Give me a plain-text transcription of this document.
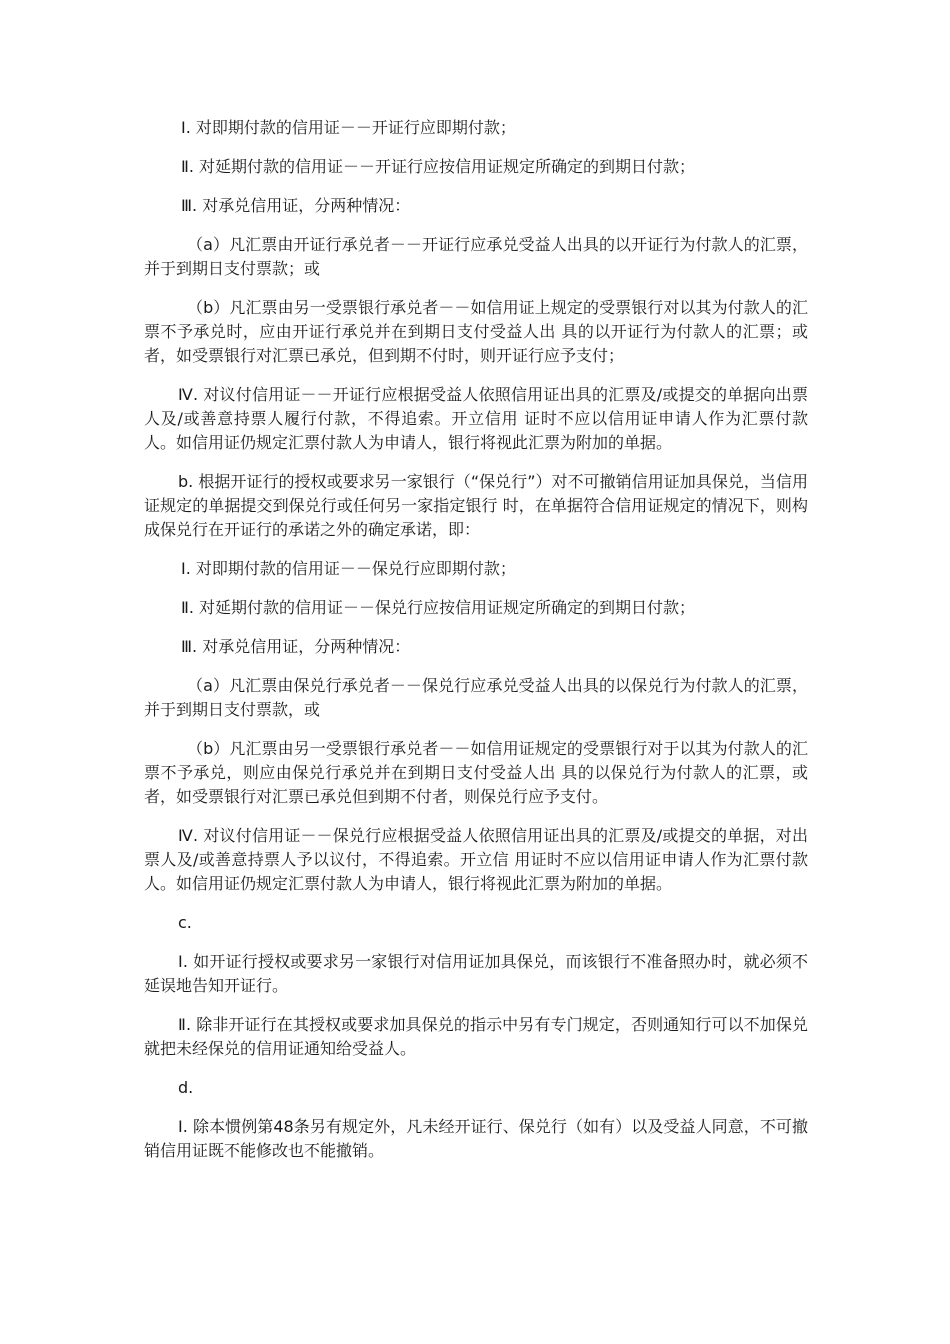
Ⅰ. 对即期付款的信用证－－开证行应即期付款；

Ⅱ. 对延期付款的信用证－－开证行应按信用证规定所确定的到期日付款；

Ⅲ. 对承兑信用证，分两种情况：

（a）凡汇票由开证行承兑者－－开证行应承兑受益人出具的以开证行为付款人的汇票，并于到期日支付票款；或

（b）凡汇票由另一受票银行承兑者－－如信用证上规定的受票银行对以其为付款人的汇票不予承兑时，应由开证行承兑并在到期日支付受益人出 具的以开证行为付款人的汇票；或者，如受票银行对汇票已承兑，但到期不付时，则开证行应予支付；

Ⅳ. 对议付信用证－－开证行应根据受益人依照信用证出具的汇票及/或提交的单据向出票人及/或善意持票人履行付款，不得追索。开立信用 证时不应以信用证申请人作为汇票付款人。如信用证仍规定汇票付款人为申请人，银行将视此汇票为附加的单据。

b. 根据开证行的授权或要求另一家银行（“保兑行”）对不可撤销信用证加具保兑，当信用证规定的单据提交到保兑行或任何另一家指定银行 时，在单据符合信用证规定的情况下，则构成保兑行在开证行的承诺之外的确定承诺，即：

Ⅰ. 对即期付款的信用证－－保兑行应即期付款；

Ⅱ. 对延期付款的信用证－－保兑行应按信用证规定所确定的到期日付款；

Ⅲ. 对承兑信用证，分两种情况：

（a）凡汇票由保兑行承兑者－－保兑行应承兑受益人出具的以保兑行为付款人的汇票，并于到期日支付票款，或

（b）凡汇票由另一受票银行承兑者－－如信用证规定的受票银行对于以其为付款人的汇票不予承兑，则应由保兑行承兑并在到期日支付受益人出 具的以保兑行为付款人的汇票，或者，如受票银行对汇票已承兑但到期不付者，则保兑行应予支付。

Ⅳ. 对议付信用证－－保兑行应根据受益人依照信用证出具的汇票及/或提交的单据，对出票人及/或善意持票人予以议付，不得追索。开立信 用证时不应以信用证申请人作为汇票付款人。如信用证仍规定汇票付款人为申请人，银行将视此汇票为附加的单据。

c.

Ⅰ. 如开证行授权或要求另一家银行对信用证加具保兑，而该银行不准备照办时，就必须不延误地告知开证行。

Ⅱ. 除非开证行在其授权或要求加具保兑的指示中另有专门规定，否则通知行可以不加保兑就把未经保兑的信用证通知给受益人。

d.

Ⅰ. 除本惯例第48条另有规定外，凡未经开证行、保兑行（如有）以及受益人同意，不可撤销信用证既不能修改也不能撤销。
